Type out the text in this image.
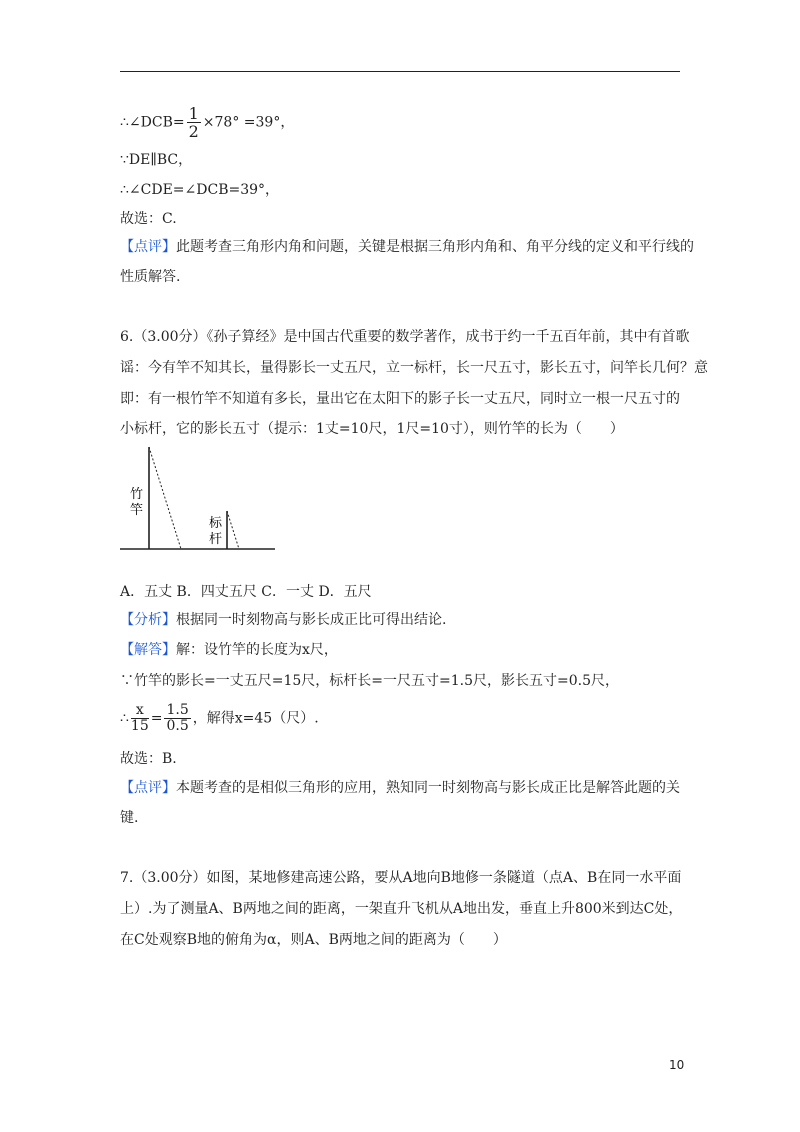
∴∠DCB= $\frac{1}{2} \times 78^\circ =39^\circ$，
∵DE∥BC，
∴∠CDE=∠DCB=39°，
故选：C.
【点评】此题考查三角形内角和问题，关键是根据三角形内角和、角平分线的定义和平行线的
性质解答.
6.（3.00分）《孙子算经》是中国古代重要的数学著作，成书于约一千五百年前，其中有首歌
谣：今有竿不知其长，量得影长一丈五尺，立一标杆，长一尺五寸，影长五寸，问竿长几何？意
即：有一根竹竿不知道有多长，量出它在太阳下的影子长一丈五尺，同时立一根一尺五寸的
小标杆，它的影长五寸（提示：1丈=10尺，1尺=10寸），则竹竿的长为（　　）
竹
竿
标
杆
A．五丈 B．四丈五尺 C．一丈 D．五尺
【分析】根据同一时刻物高与影长成正比可得出结论.
【解答】解：设竹竿的长度为x尺，
∵竹竿的影长=一丈五尺=15尺，标杆长=一尺五寸=1.5尺，影长五寸=0.5尺，
∴ $\frac{x}{15} = \frac{1.5}{0.5}$ ，解得x=45（尺）.
故选：B.
【点评】本题考查的是相似三角形的应用，熟知同一时刻物高与影长成正比是解答此题的关
键.
7.（3.00分）如图，某地修建高速公路，要从A地向B地修一条隧道（点A、B在同一水平面
上）.为了测量A、B两地之间的距离，一架直升飞机从A地出发，垂直上升800米到达C处，
在C处观察B地的俯角为α，则A、B两地之间的距离为（　　）
10
